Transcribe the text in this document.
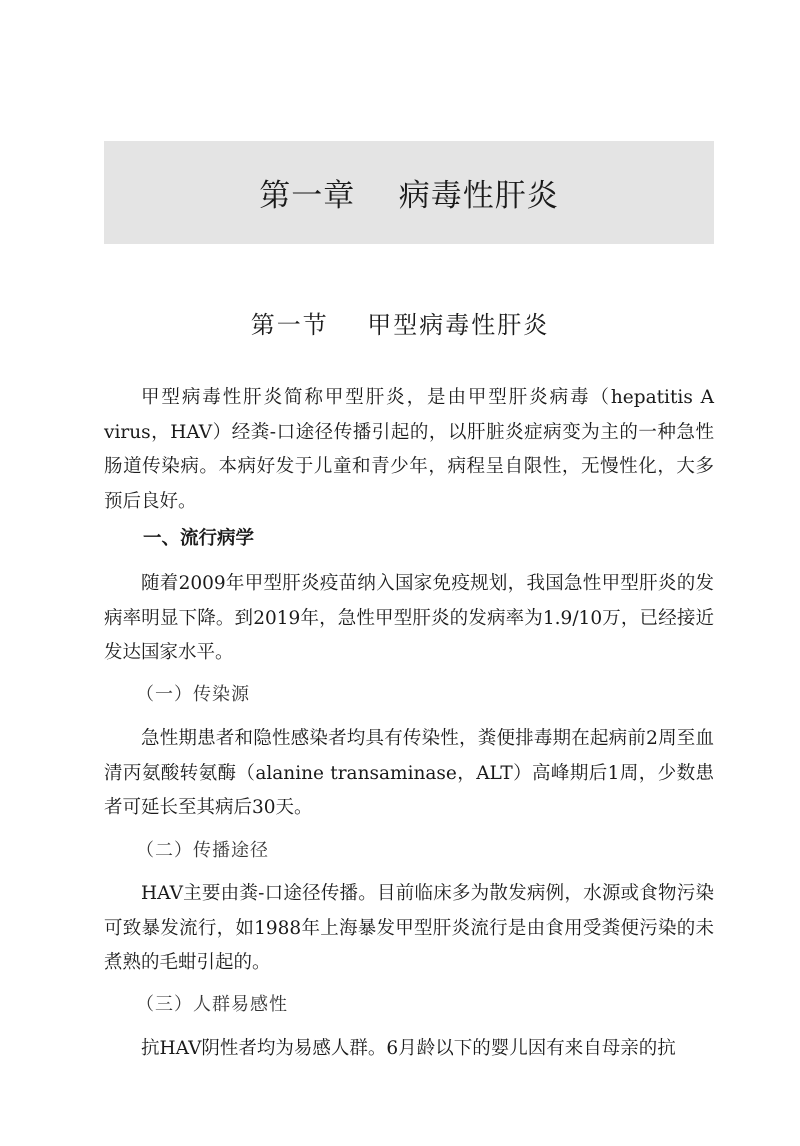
第一章    病毒性肝炎
第一节    甲型病毒性肝炎

甲型病毒性肝炎简称甲型肝炎，是由甲型肝炎病毒（hepatitis A virus，HAV）经粪-口途径传播引起的，以肝脏炎症病变为主的一种急性肠道传染病。本病好发于儿童和青少年，病程呈自限性，无慢性化，大多预后良好。

一、流行病学

随着2009年甲型肝炎疫苗纳入国家免疫规划，我国急性甲型肝炎的发病率明显下降。到2019年，急性甲型肝炎的发病率为1.9/10万，已经接近发达国家水平。

（一）传染源

急性期患者和隐性感染者均具有传染性，粪便排毒期在起病前2周至血清丙氨酸转氨酶（alanine transaminase，ALT）高峰期后1周，少数患者可延长至其病后30天。

（二）传播途径

HAV主要由粪-口途径传播。目前临床多为散发病例，水源或食物污染可致暴发流行，如1988年上海暴发甲型肝炎流行是由食用受粪便污染的未煮熟的毛蚶引起的。

（三）人群易感性

抗HAV阴性者均为易感人群。6月龄以下的婴儿因有来自母亲的抗
